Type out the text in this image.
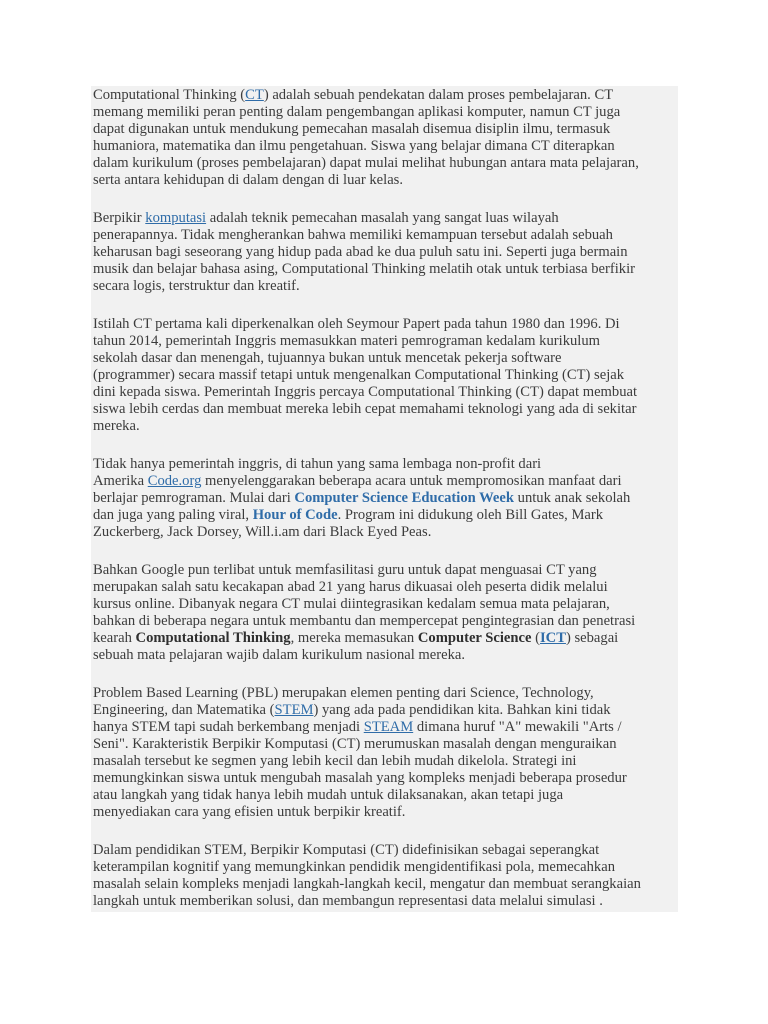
Computational Thinking (CT) adalah sebuah pendekatan dalam proses pembelajaran. CT
memang memiliki peran penting dalam pengembangan aplikasi komputer, namun CT juga
dapat digunakan untuk mendukung pemecahan masalah disemua disiplin ilmu, termasuk
humaniora, matematika dan ilmu pengetahuan. Siswa yang belajar dimana CT diterapkan
dalam kurikulum (proses pembelajaran) dapat mulai melihat hubungan antara mata pelajaran,
serta antara kehidupan di dalam dengan di luar kelas.

Berpikir komputasi adalah teknik pemecahan masalah yang sangat luas wilayah
penerapannya. Tidak mengherankan bahwa memiliki kemampuan tersebut adalah sebuah
keharusan bagi seseorang yang hidup pada abad ke dua puluh satu ini. Seperti juga bermain
musik dan belajar bahasa asing, Computational Thinking melatih otak untuk terbiasa berfikir
secara logis, terstruktur dan kreatif.

Istilah CT pertama kali diperkenalkan oleh Seymour Papert pada tahun 1980 dan 1996. Di
tahun 2014, pemerintah Inggris memasukkan materi pemrograman kedalam kurikulum
sekolah dasar dan menengah, tujuannya bukan untuk mencetak pekerja software
(programmer) secara massif tetapi untuk mengenalkan Computational Thinking (CT) sejak
dini kepada siswa. Pemerintah Inggris percaya Computational Thinking (CT) dapat membuat
siswa lebih cerdas dan membuat mereka lebih cepat memahami teknologi yang ada di sekitar
mereka.

Tidak hanya pemerintah inggris, di tahun yang sama lembaga non-profit dari
Amerika Code.org menyelenggarakan beberapa acara untuk mempromosikan manfaat dari
berlajar pemrograman. Mulai dari Computer Science Education Week untuk anak sekolah
dan juga yang paling viral, Hour of Code. Program ini didukung oleh Bill Gates, Mark
Zuckerberg, Jack Dorsey, Will.i.am dari Black Eyed Peas.

Bahkan Google pun terlibat untuk memfasilitasi guru untuk dapat menguasai CT yang
merupakan salah satu kecakapan abad 21 yang harus dikuasai oleh peserta didik melalui
kursus online. Dibanyak negara CT mulai diintegrasikan kedalam semua mata pelajaran,
bahkan di beberapa negara untuk membantu dan mempercepat pengintegrasian dan penetrasi
kearah Computational Thinking, mereka memasukan Computer Science (ICT) sebagai
sebuah mata pelajaran wajib dalam kurikulum nasional mereka.

Problem Based Learning (PBL) merupakan elemen penting dari Science, Technology,
Engineering, dan Matematika (STEM) yang ada pada pendidikan kita. Bahkan kini tidak
hanya STEM tapi sudah berkembang menjadi STEAM dimana huruf "A" mewakili "Arts /
Seni". Karakteristik Berpikir Komputasi (CT) merumuskan masalah dengan menguraikan
masalah tersebut ke segmen yang lebih kecil dan lebih mudah dikelola. Strategi ini
memungkinkan siswa untuk mengubah masalah yang kompleks menjadi beberapa prosedur
atau langkah yang tidak hanya lebih mudah untuk dilaksanakan, akan tetapi juga
menyediakan cara yang efisien untuk berpikir kreatif.

Dalam pendidikan STEM, Berpikir Komputasi (CT) didefinisikan sebagai seperangkat
keterampilan kognitif yang memungkinkan pendidik mengidentifikasi pola, memecahkan
masalah selain kompleks menjadi langkah-langkah kecil, mengatur dan membuat serangkaian
langkah untuk memberikan solusi, dan membangun representasi data melalui simulasi .
